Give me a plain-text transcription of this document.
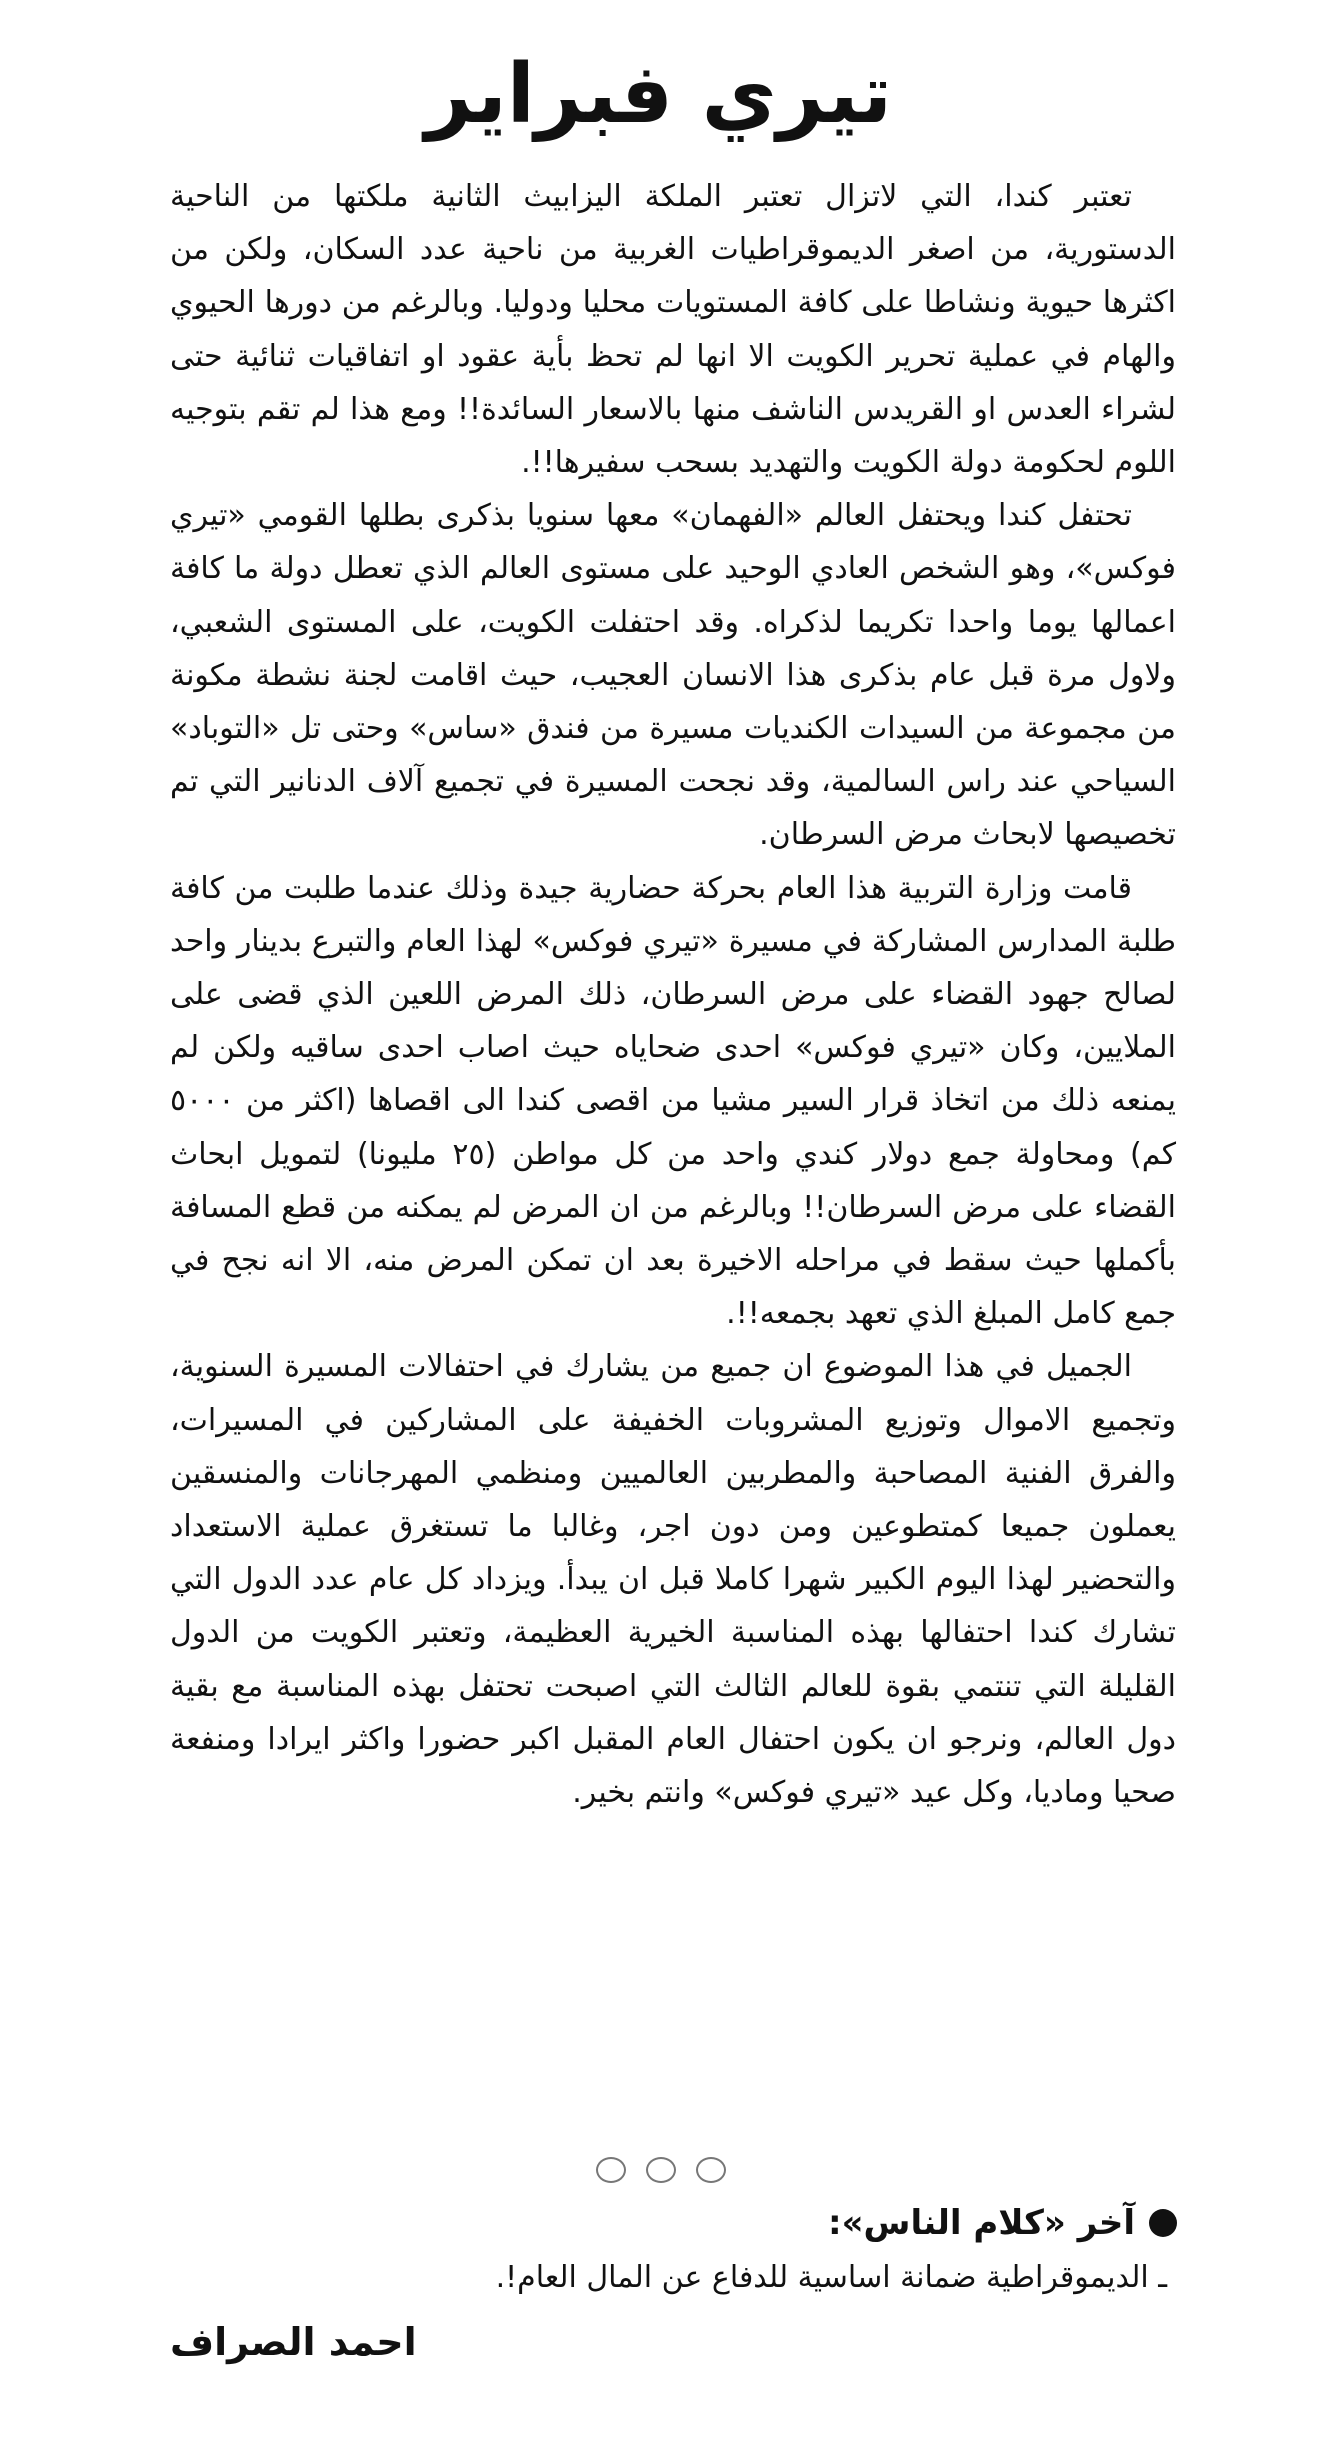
تيري فبراير

تعتبر كندا، التي لاتزال تعتبر الملكة اليزابيث الثانية ملكتها من الناحية الدستورية، من اصغر الديموقراطيات الغربية من ناحية عدد السكان، ولكن من اكثرها حيوية ونشاطا على كافة المستويات محليا ودوليا. وبالرغم من دورها الحيوي والهام في عملية تحرير الكويت الا انها لم تحظ بأية عقود او اتفاقيات ثنائية حتى لشراء العدس او القريدس الناشف منها بالاسعار السائدة!! ومع هذا لم تقم بتوجيه اللوم لحكومة دولة الكويت والتهديد بسحب سفيرها!!.

تحتفل كندا ويحتفل العالم «الفهمان» معها سنويا بذكرى بطلها القومي «تيري فوكس»، وهو الشخص العادي الوحيد على مستوى العالم الذي تعطل دولة ما كافة اعمالها يوما واحدا تكريما لذكراه. وقد احتفلت الكويت، على المستوى الشعبي، ولاول مرة قبل عام بذكرى هذا الانسان العجيب، حيث اقامت لجنة نشطة مكونة من مجموعة من السيدات الكنديات مسيرة من فندق «ساس» وحتى تل «التوباد» السياحي عند راس السالمية، وقد نجحت المسيرة في تجميع آلاف الدنانير التي تم تخصيصها لابحاث مرض السرطان.

قامت وزارة التربية هذا العام بحركة حضارية جيدة وذلك عندما طلبت من كافة طلبة المدارس المشاركة في مسيرة «تيري فوكس» لهذا العام والتبرع بدينار واحد لصالح جهود القضاء على مرض السرطان، ذلك المرض اللعين الذي قضى على الملايين، وكان «تيري فوكس» احدى ضحاياه حيث اصاب احدى ساقيه ولكن لم يمنعه ذلك من اتخاذ قرار السير مشيا من اقصى كندا الى اقصاها (اكثر من ٥٠٠٠ كم) ومحاولة جمع دولار كندي واحد من كل مواطن (٢٥ مليونا) لتمويل ابحاث القضاء على مرض السرطان!! وبالرغم من ان المرض لم يمكنه من قطع المسافة بأكملها حيث سقط في مراحله الاخيرة بعد ان تمكن المرض منه، الا انه نجح في جمع كامل المبلغ الذي تعهد بجمعه!!.

الجميل في هذا الموضوع ان جميع من يشارك في احتفالات المسيرة السنوية، وتجميع الاموال وتوزيع المشروبات الخفيفة على المشاركين في المسيرات، والفرق الفنية المصاحبة والمطربين العالميين ومنظمي المهرجانات والمنسقين يعملون جميعا كمتطوعين ومن دون اجر، وغالبا ما تستغرق عملية الاستعداد والتحضير لهذا اليوم الكبير شهرا كاملا قبل ان يبدأ. ويزداد كل عام عدد الدول التي تشارك كندا احتفالها بهذه المناسبة الخيرية العظيمة، وتعتبر الكويت من الدول القليلة التي تنتمي بقوة للعالم الثالث التي اصبحت تحتفل بهذه المناسبة مع بقية دول العالم، ونرجو ان يكون احتفال العام المقبل اكبر حضورا واكثر ايرادا ومنفعة صحيا وماديا، وكل عيد «تيري فوكس» وانتم بخير.

آخر «كلام الناس»:
ـ الديموقراطية ضمانة اساسية للدفاع عن المال العام!.
احمد الصراف
